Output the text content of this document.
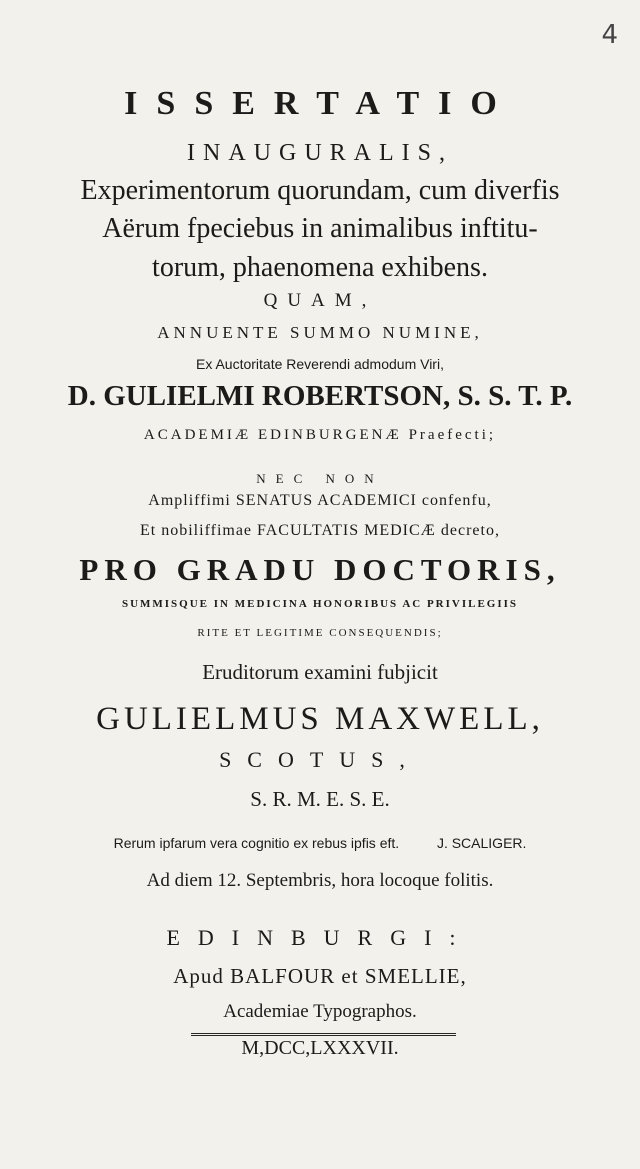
4
ISSERTATIO
INAUGURALIS,
Experimentorum quorundam, cum diverfis
Aërum fpeciebus in animalibus inftitu-
torum, phaenomena exhibens.
QUAM,
ANNUENTE SUMMO NUMINE,
Ex Auctoritate Reverendi admodum Viri,
D. GULIELMI ROBERTSON, S. S. T. P.
ACADEMIÆ EDINBURGENÆ Praefecti;
NEC NON
Ampliffimi SENATUS ACADEMICI confenfu,
Et nobiliffimae FACULTATIS MEDICÆ decreto,
PRO GRADU DOCTORIS,
SUMMISQUE IN MEDICINA HONORIBUS AC PRIVILEGIIS
RITE ET LEGITIME CONSEQUENDIS;
Eruditorum examini fubjicit
GULIELMUS MAXWELL,
SCOTUS,
S. R. M. E. S. E.
Rerum ipfarum vera cognitio ex rebus ipfis eft.	J. SCALIGER.
Ad diem 12. Septembris, hora locoque folitis.
EDINBURGI:
Apud BALFOUR et SMELLIE,
Academiae Typographos.
M,DCC,LXXXVII.
